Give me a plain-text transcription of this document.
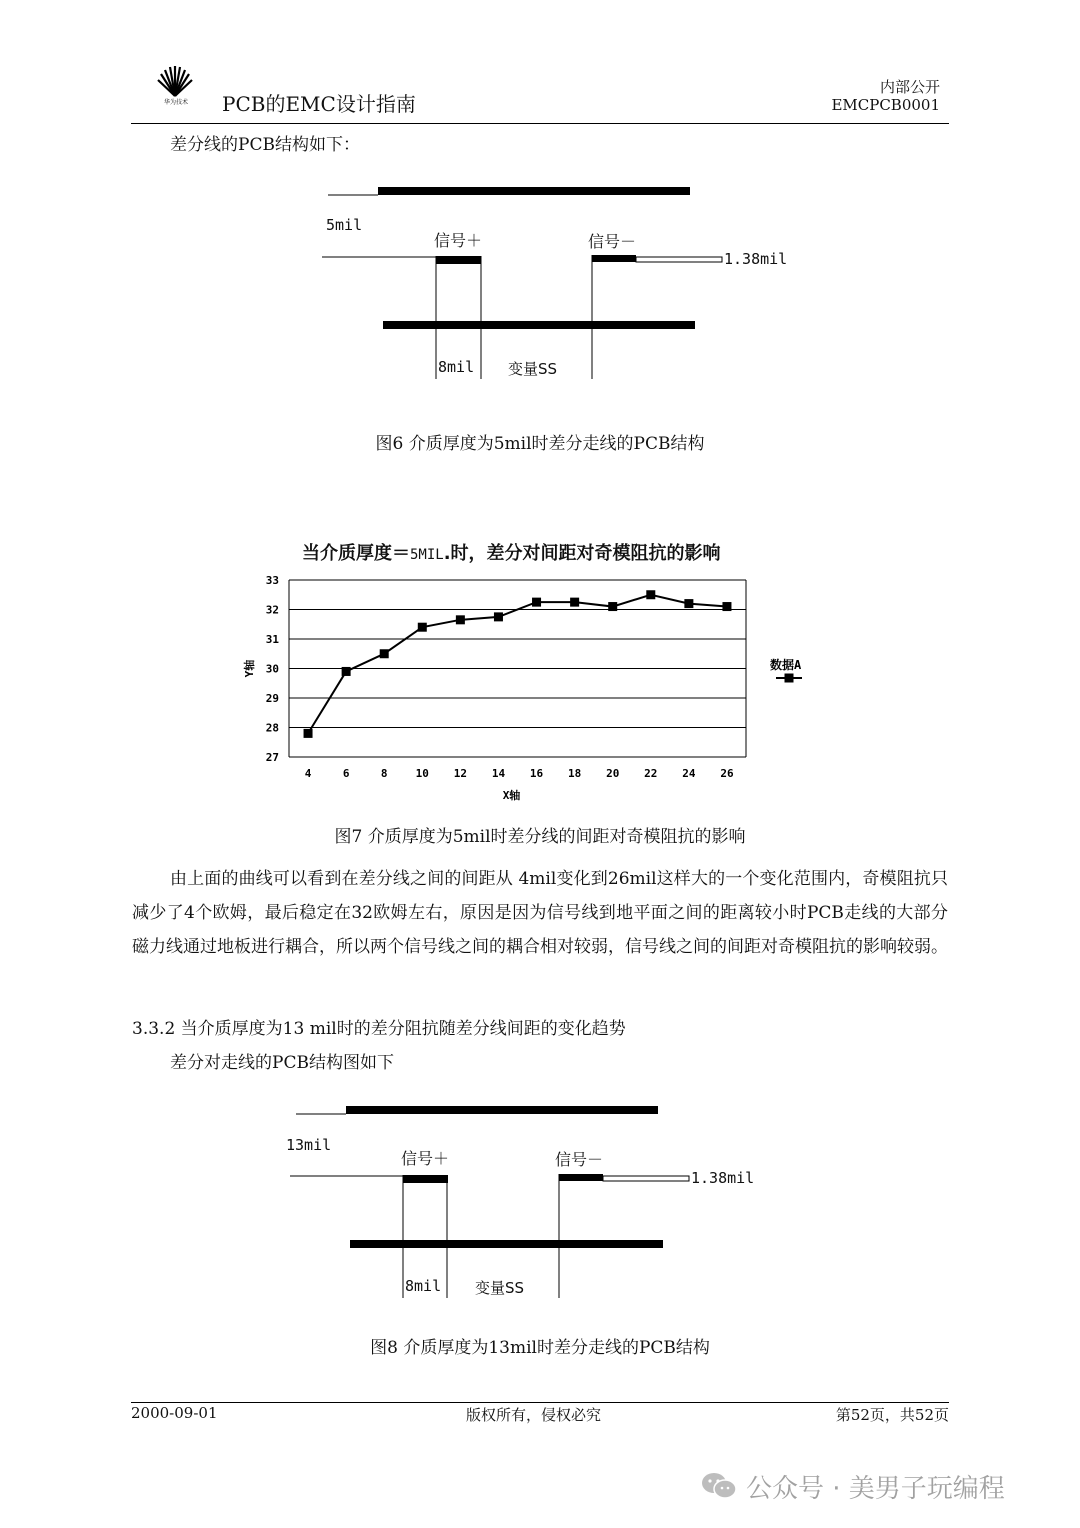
华为技术	PCB的EMC设计指南
内部公开
EMCPCB0001
差分线的PCB结构如下：
5mil
信号＋	信号－
1.38mil
8mil 变量SS
图6 介质厚度为5mil时差分走线的PCB结构
当介质厚度＝5MIL.时，差分对间距对奇模阻抗的影响
27
28
29
30
31
32
33
4	6	8	10 12 14 16 18 20 22 24 26
X轴
Y轴	数据A
图7 介质厚度为5mil时差分线的间距对奇模阻抗的影响
由上面的曲线可以看到在差分线之间的间距从 4mil变化到26mil这样大的一个变化范围内，奇模阻抗只减少了4个欧姆，最后稳定在32欧姆左右，原因是因为信号线到地平面之间的距离较小时PCB走线的大部分磁力线通过地板进行耦合，所以两个信号线之间的耦合相对较弱，信号线之间的间距对奇模阻抗的影响较弱。
3.3.2 当介质厚度为13 mil时的差分阻抗随差分线间距的变化趋势
差分对走线的PCB结构图如下
13mil
信号＋	信号－
1.38mil
8mil 变量SS
图8 介质厚度为13mil时差分走线的PCB结构
2000-09-01	版权所有，侵权必究	第52页，共52页
公众号 · 美男子玩编程
